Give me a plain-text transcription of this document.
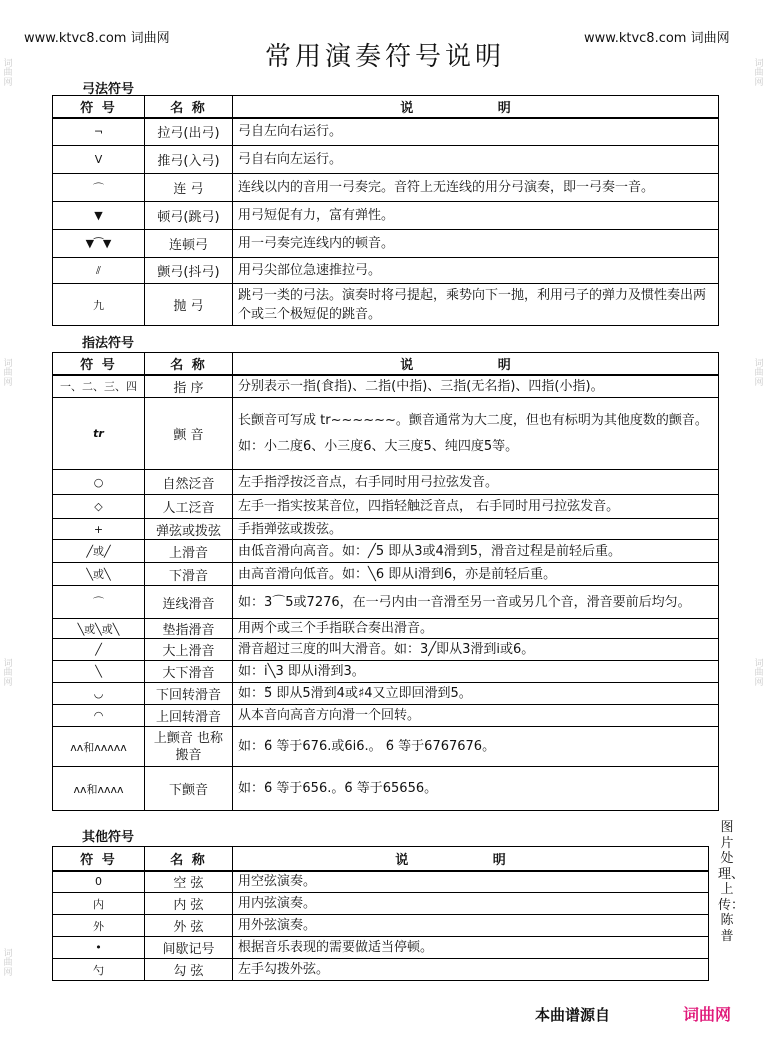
www.ktvc8.com 词曲网	www.ktvc8.com 词曲网
词曲网
词曲网
词曲网
词曲网
词曲网
词曲网
词曲网
常用演奏符号说明
弓法符号
符 号	名 称	说 明
¬	拉弓(出弓)	弓自左向右运行。
V	推弓(入弓)	弓自右向左运行。
⌒	连 弓	连线以内的音用一弓奏完。音符上无连线的用分弓演奏，即一弓奏一音。
▼	顿弓(跳弓)	用弓短促有力，富有弹性。
▼⁀▼	连顿弓	用一弓奏完连线内的顿音。
⫽	颤弓(抖弓)	用弓尖部位急速推拉弓。
九	抛 弓	跳弓一类的弓法。演奏时将弓提起，乘势向下一抛，利用弓子的弹力及惯性奏出两个或三个极短促的跳音。
指法符号
符 号	名 称	说 明
一、二、三、四	指 序	分别表示一指(食指)、二指(中指)、三指(无名指)、四指(小指)。
tr	颤 音	长颤音可写成 tr~~~~~~。颤音通常为大二度，但也有标明为其他度数的颤音。如：小二度6̇、小三度6̇、大三度5̇、纯四度5̇等。
○	自然泛音	左手指浮按泛音点，右手同时用弓拉弦发音。
◇	人工泛音	左手一指实按某音位，四指轻触泛音点， 右手同时用弓拉弦发音。
+	弹弦或拨弦	手指弹弦或拨弦。
╱或╱	上滑音	由低音滑向高音。如：╱5 即从3或4滑到5，滑音过程是前轻后重。
╲或╲	下滑音	由高音滑向低音。如：╲6 即从i滑到6，亦是前轻后重。
⌒	连线滑音	如：3⌒5或7276，在一弓内由一音滑至另一音或另几个音，滑音要前后均匀。
╲或╲或╲	垫指滑音	用两个或三个手指联合奏出滑音。
╱	大上滑音	滑音超过三度的叫大滑音。如：3╱即从3滑到i或6。
╲	大下滑音	如：i╲3 即从i滑到3。
◡	下回转滑音	如：5̆ 即从5滑到4或♯4又立即回滑到5。
◠	上回转滑音	从本音向高音方向滑一个回转。
ʌʌ和ʌʌʌʌʌ	上颤音 也称搬音	如：6̃ 等于676.或6i6.。 6̃ 等于6767676。
ʌʌ和ʌʌʌʌ	下颤音	如：6̃ 等于656.。6̃ 等于65656。
其他符号
符 号	名 称	说 明
0	空 弦	用空弦演奏。
内	内 弦	用内弦演奏。
外	外 弦	用外弦演奏。
•	间歇记号	根据音乐表现的需要做适当停顿。
勺	勾 弦	左手勾拨外弦。
图片处理、上传：陈普
本曲谱源自	词曲网
